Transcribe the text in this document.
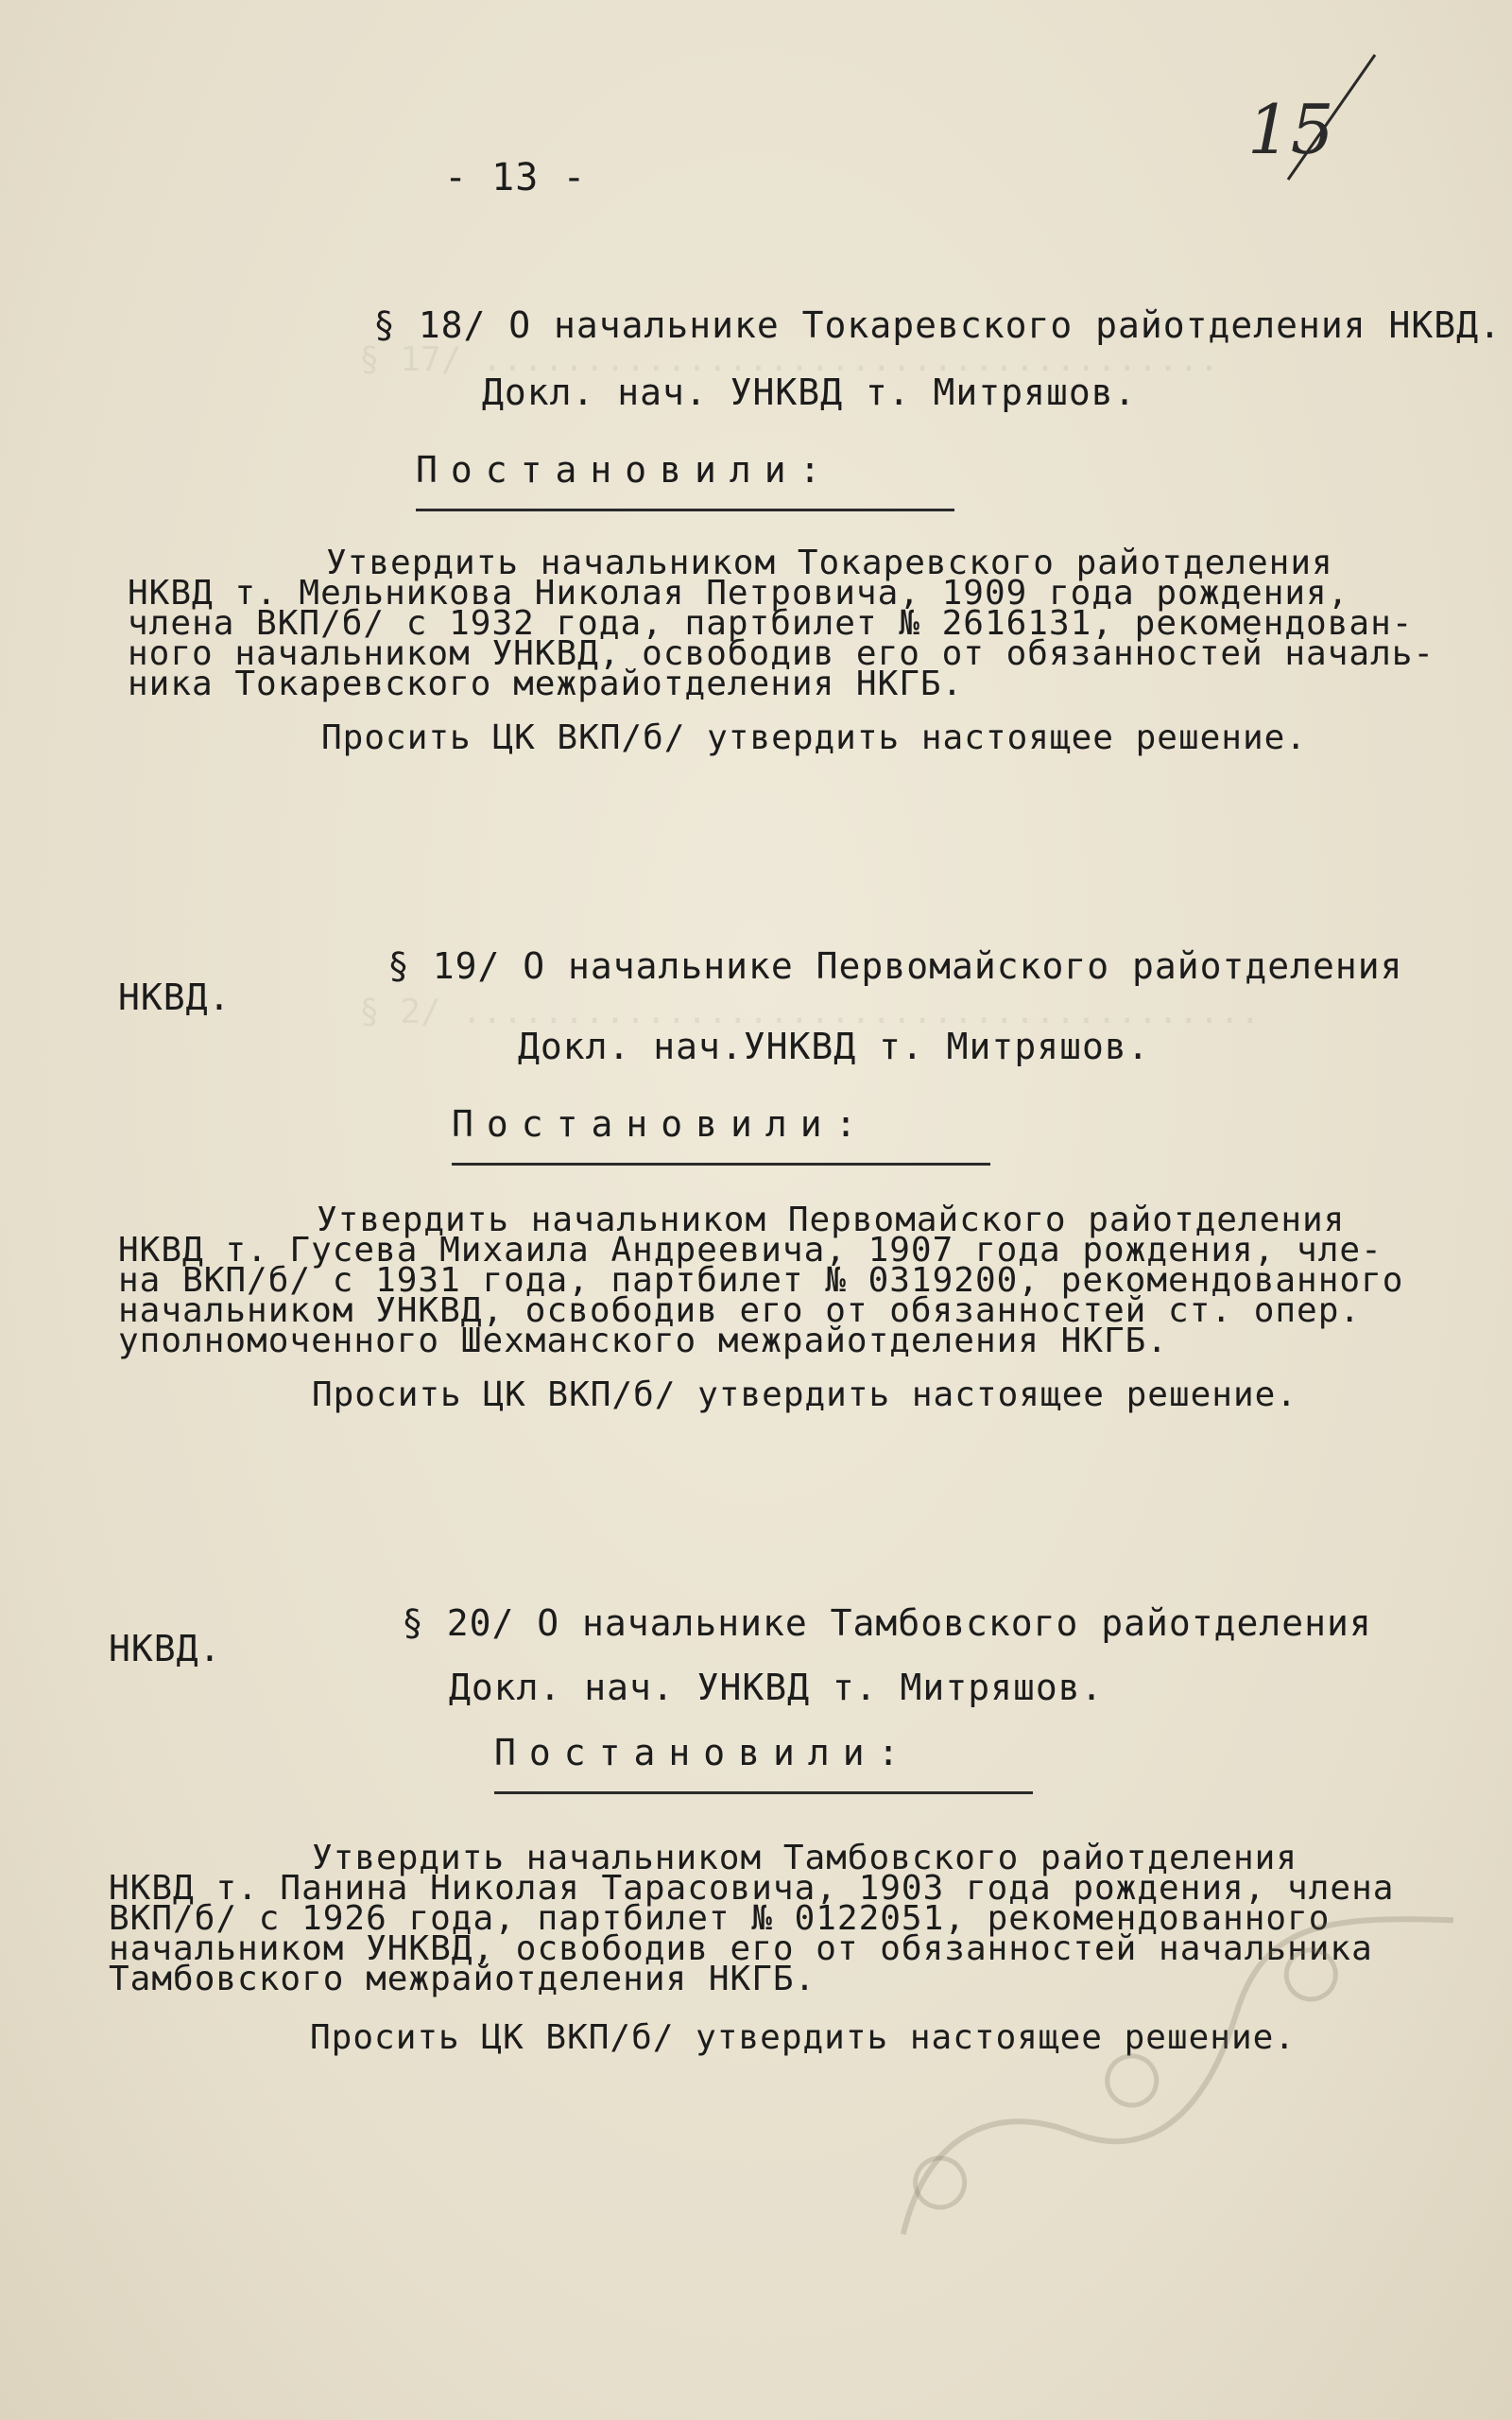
§ 17/ ....................................
§ 2/ .......................................
- 13 -
15
§ 18/ О начальнике Токаревского райотделения НКВД.
Докл. нач. УНКВД т. Митряшов.
Постановили:
Утвердить начальником Токаревского райотделения
НКВД т. Мельникова Николая Петровича, 1909 года рождения,
члена ВКП/б/ с 1932 года, партбилет № 2616131, рекомендован-
ного начальником УНКВД, освободив его от обязанностей началь-
ника Токаревского межрайотделения НКГБ.
Просить ЦК ВКП/б/ утвердить настоящее решение.
§ 19/ О начальнике Первомайского райотделения
НКВД.
Докл. нач.УНКВД т. Митряшов.
Постановили:
Утвердить начальником Первомайского райотделения
НКВД т. Гусева Михаила Андреевича, 1907 года рождения, чле-
на ВКП/б/ с 1931 года, партбилет № 0319200, рекомендованного
начальником УНКВД, освободив его от обязанностей ст. опер.
уполномоченного Шехманского межрайотделения НКГБ.
Просить ЦК ВКП/б/ утвердить настоящее решение.
§ 20/ О начальнике Тамбовского райотделения
НКВД.
Докл. нач. УНКВД т. Митряшов.
Постановили:
Утвердить начальником Тамбовского райотделения
НКВД т. Панина Николая Тарасовича, 1903 года рождения, члена
ВКП/б/ с 1926 года, партбилет № 0122051, рекомендованного
начальником УНКВД, освободив его от обязанностей начальника
Тамбовского межрайотделения НКГБ.
Просить ЦК ВКП/б/ утвердить настоящее решение.
